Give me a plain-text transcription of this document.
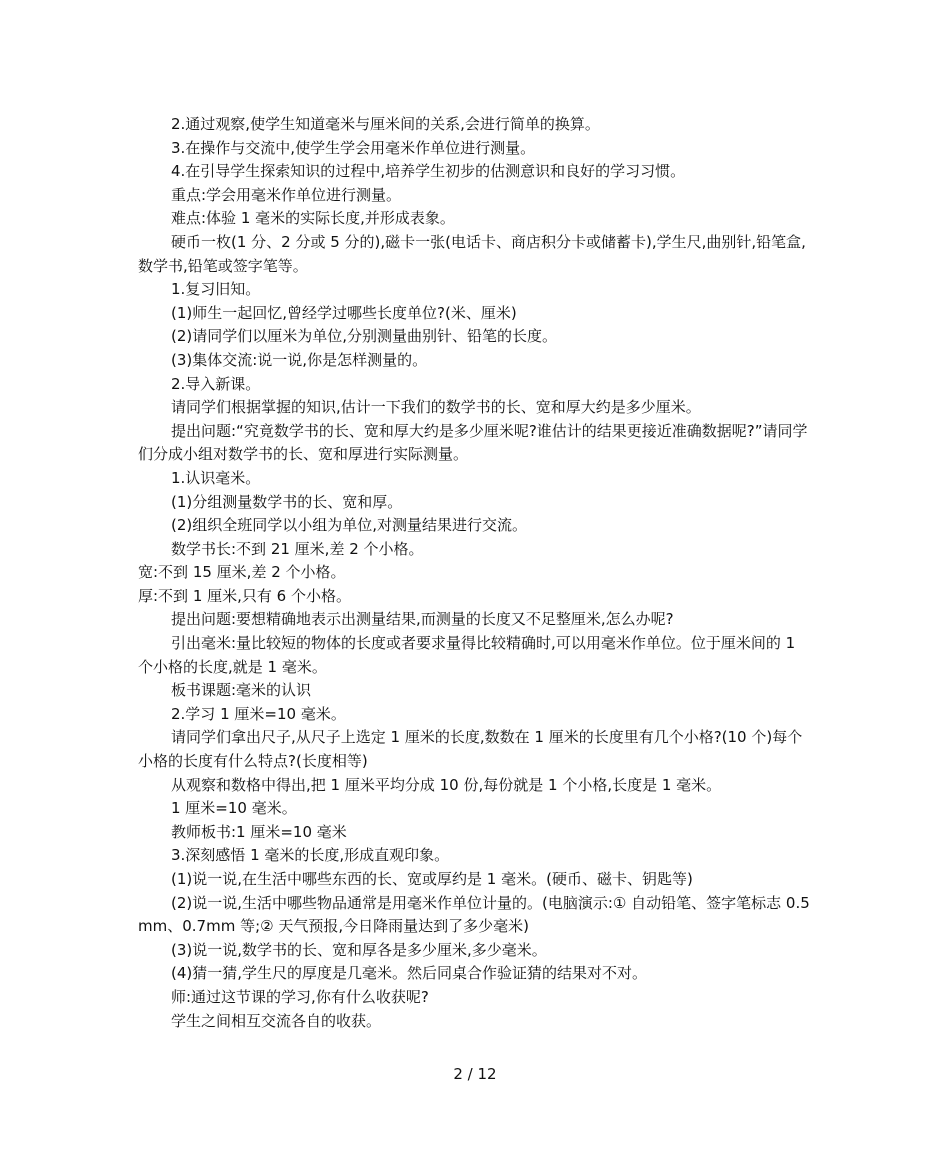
2.通过观察,使学生知道毫米与厘米间的关系,会进行简单的换算。

3.在操作与交流中,使学生学会用毫米作单位进行测量。

4.在引导学生探索知识的过程中,培养学生初步的估测意识和良好的学习习惯。

重点:学会用毫米作单位进行测量。

难点:体验 1 毫米的实际长度,并形成表象。

硬币一枚(1 分、2 分或 5 分的),磁卡一张(电话卡、商店积分卡或储蓄卡),学生尺,曲别针,铅笔盒,数学书,铅笔或签字笔等。

1.复习旧知。

(1)师生一起回忆,曾经学过哪些长度单位?(米、厘米)

(2)请同学们以厘米为单位,分别测量曲别针、铅笔的长度。

(3)集体交流:说一说,你是怎样测量的。

2.导入新课。

请同学们根据掌握的知识,估计一下我们的数学书的长、宽和厚大约是多少厘米。

提出问题:“究竟数学书的长、宽和厚大约是多少厘米呢?谁估计的结果更接近准确数据呢?”请同学们分成小组对数学书的长、宽和厚进行实际测量。

1.认识毫米。

(1)分组测量数学书的长、宽和厚。

(2)组织全班同学以小组为单位,对测量结果进行交流。

数学书长:不到 21 厘米,差 2 个小格。

宽:不到 15 厘米,差 2 个小格。

厚:不到 1 厘米,只有 6 个小格。

提出问题:要想精确地表示出测量结果,而测量的长度又不足整厘米,怎么办呢?

引出毫米:量比较短的物体的长度或者要求量得比较精确时,可以用毫米作单位。位于厘米间的 1 个小格的长度,就是 1 毫米。

板书课题:毫米的认识

2.学习 1 厘米=10 毫米。

请同学们拿出尺子,从尺子上选定 1 厘米的长度,数数在 1 厘米的长度里有几个小格?(10 个)每个小格的长度有什么特点?(长度相等)

从观察和数格中得出,把 1 厘米平均分成 10 份,每份就是 1 个小格,长度是 1 毫米。

1 厘米=10 毫米。

教师板书:1 厘米=10 毫米

3.深刻感悟 1 毫米的长度,形成直观印象。

(1)说一说,在生活中哪些东西的长、宽或厚约是 1 毫米。(硬币、磁卡、钥匙等)

(2)说一说,生活中哪些物品通常是用毫米作单位计量的。(电脑演示:① 自动铅笔、签字笔标志 0.5mm、0.7mm 等;② 天气预报,今日降雨量达到了多少毫米)

(3)说一说,数学书的长、宽和厚各是多少厘米,多少毫米。

(4)猜一猜,学生尺的厚度是几毫米。然后同桌合作验证猜的结果对不对。

师:通过这节课的学习,你有什么收获呢?

学生之间相互交流各自的收获。

2 / 12
